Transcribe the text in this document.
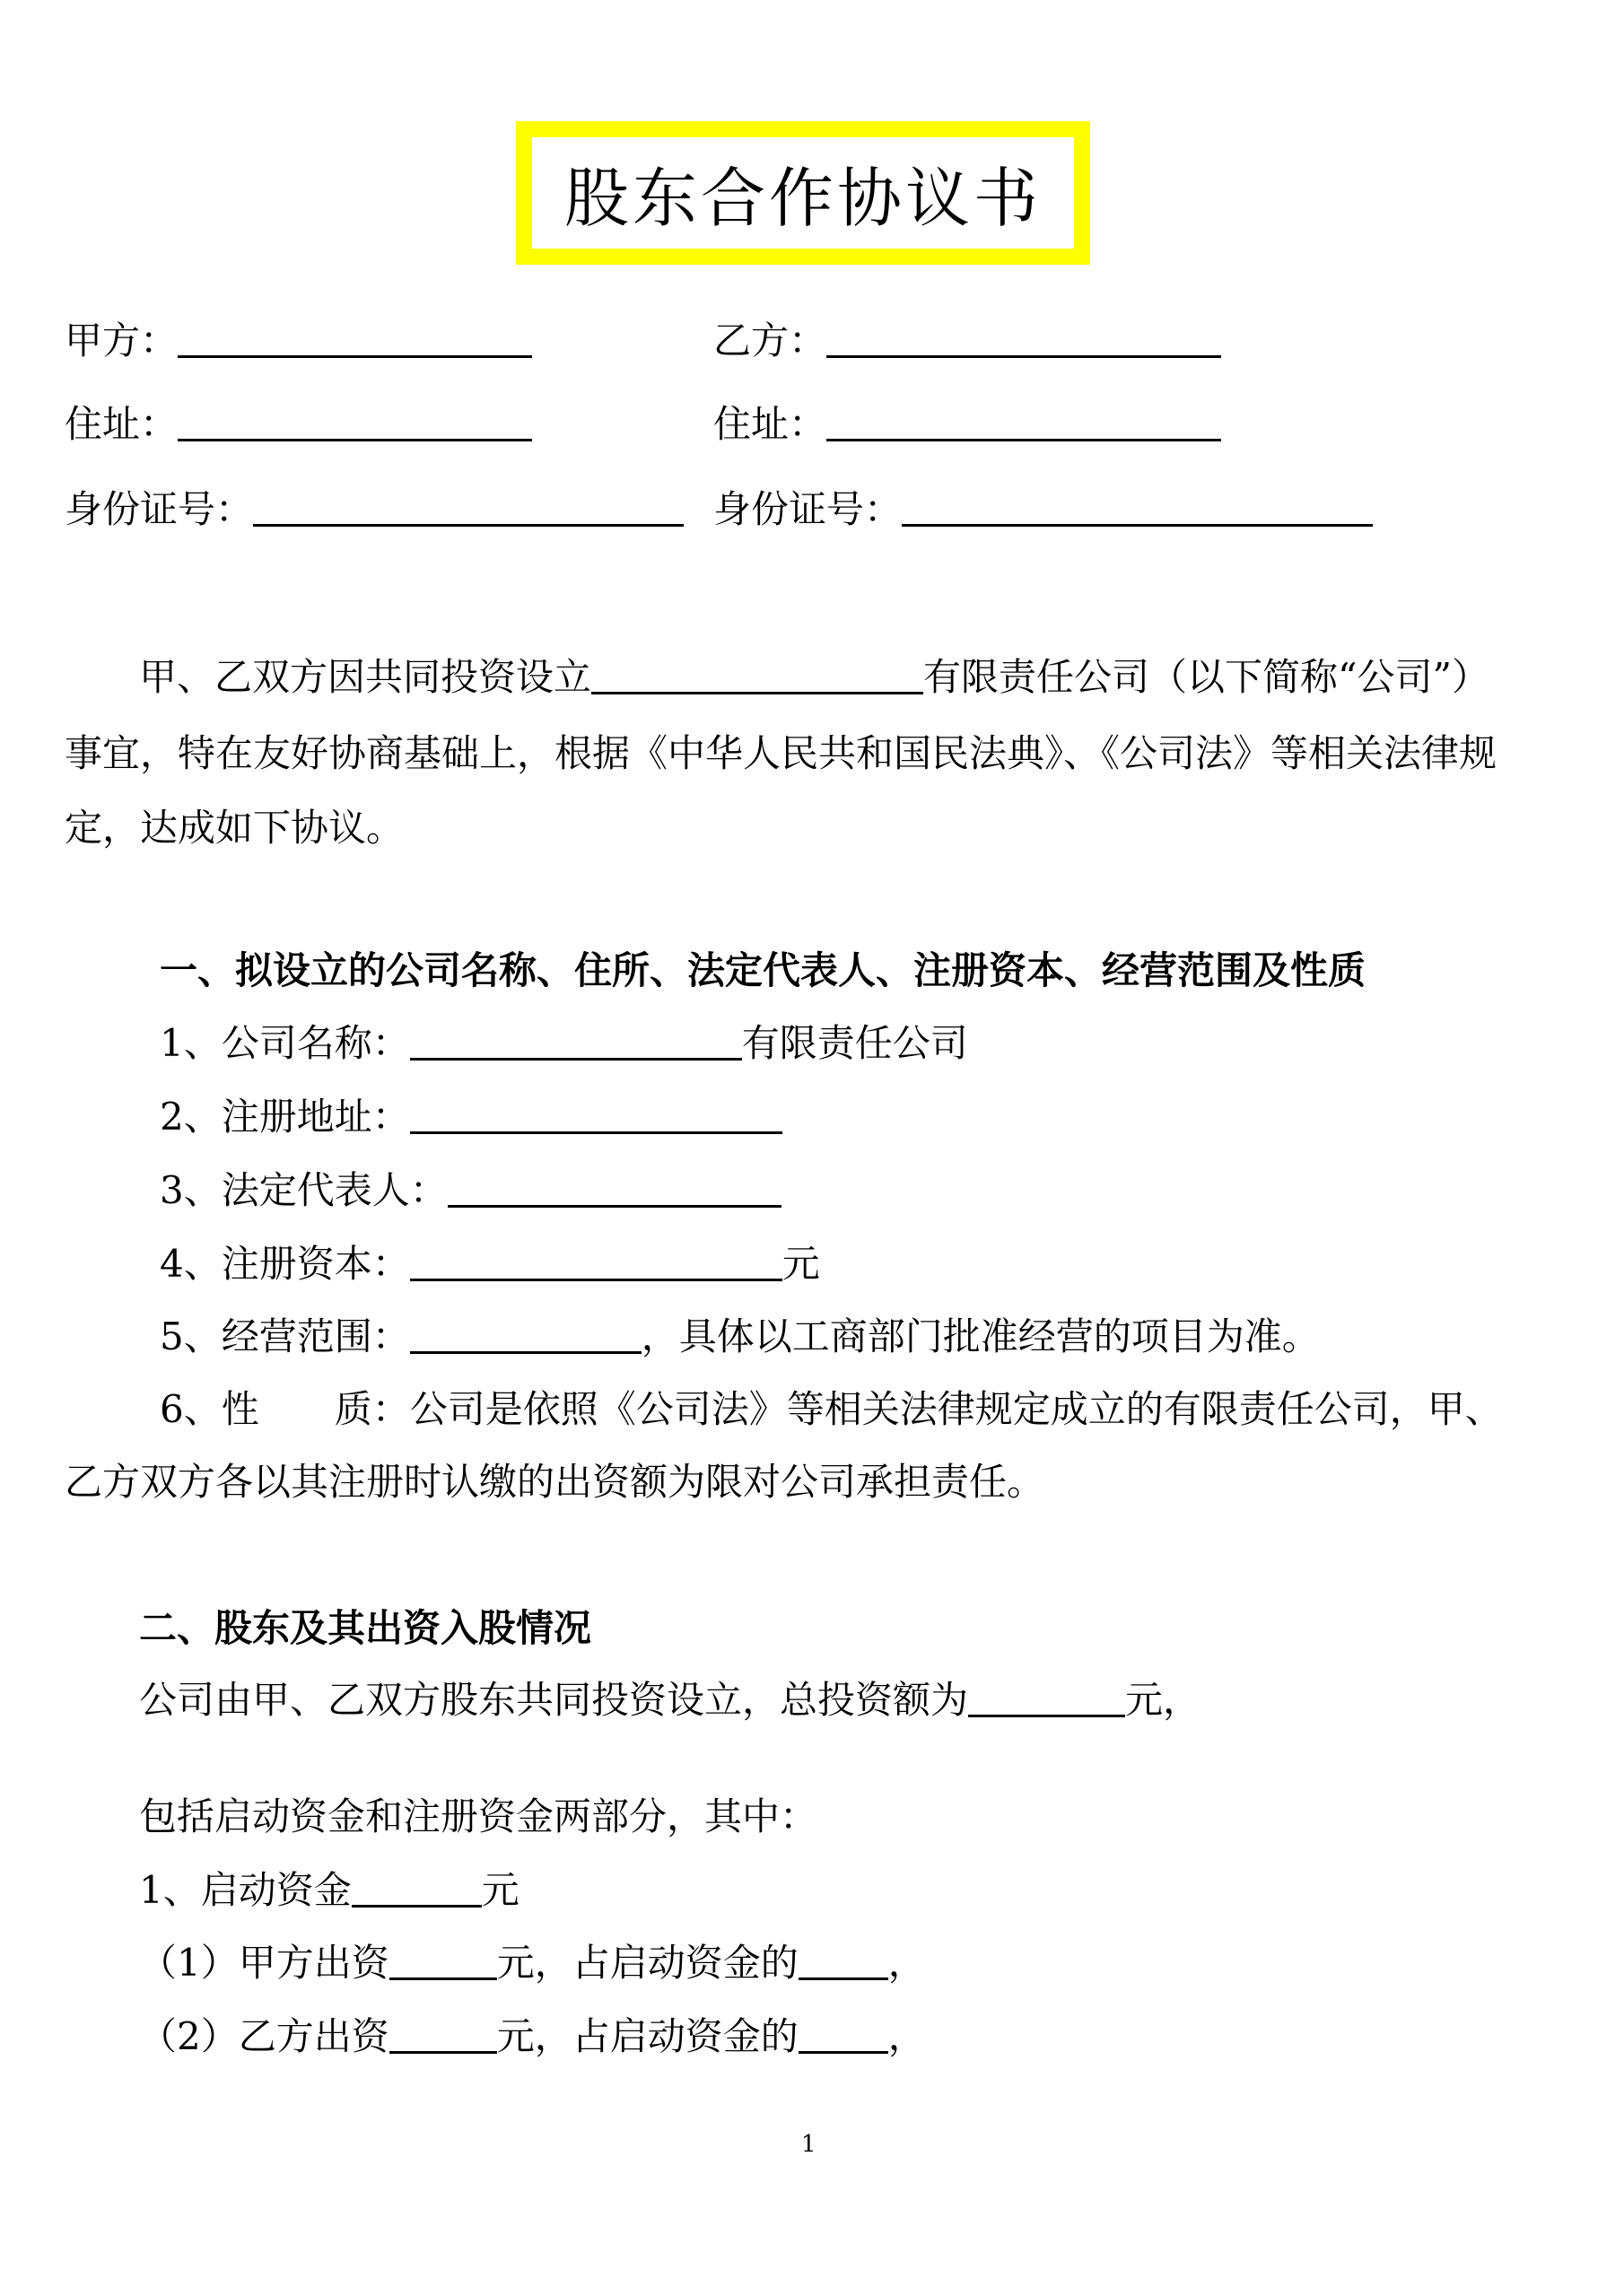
股东合作协议书
甲方：	乙方：
住址：	住址：
身份证号：	身份证号：
甲、乙双方因共同投资设立	有限责任公司（以下简称“公司”）
事宜，特在友好协商基础上，根据《中华人民共和国民法典》、《公司法》等相关法律规
定，达成如下协议。
一、拟设立的公司名称、住所、法定代表人、注册资本、经营范围及性质
1、公司名称：	有限责任公司
2、注册地址：
3、法定代表人：
4、注册资本：	元
5、经营范围：	，具体以工商部门批准经营的项目为准。
6、性　　质：公司是依照《公司法》等相关法律规定成立的有限责任公司，甲、
乙方双方各以其注册时认缴的出资额为限对公司承担责任。
二、股东及其出资入股情况
公司由甲、乙双方股东共同投资设立，总投资额为	元，
包括启动资金和注册资金两部分，其中：
1、启动资金	元
（1）甲方出资	元，占启动资金的 ，
（2）乙方出资	元，占启动资金的 ，
1
